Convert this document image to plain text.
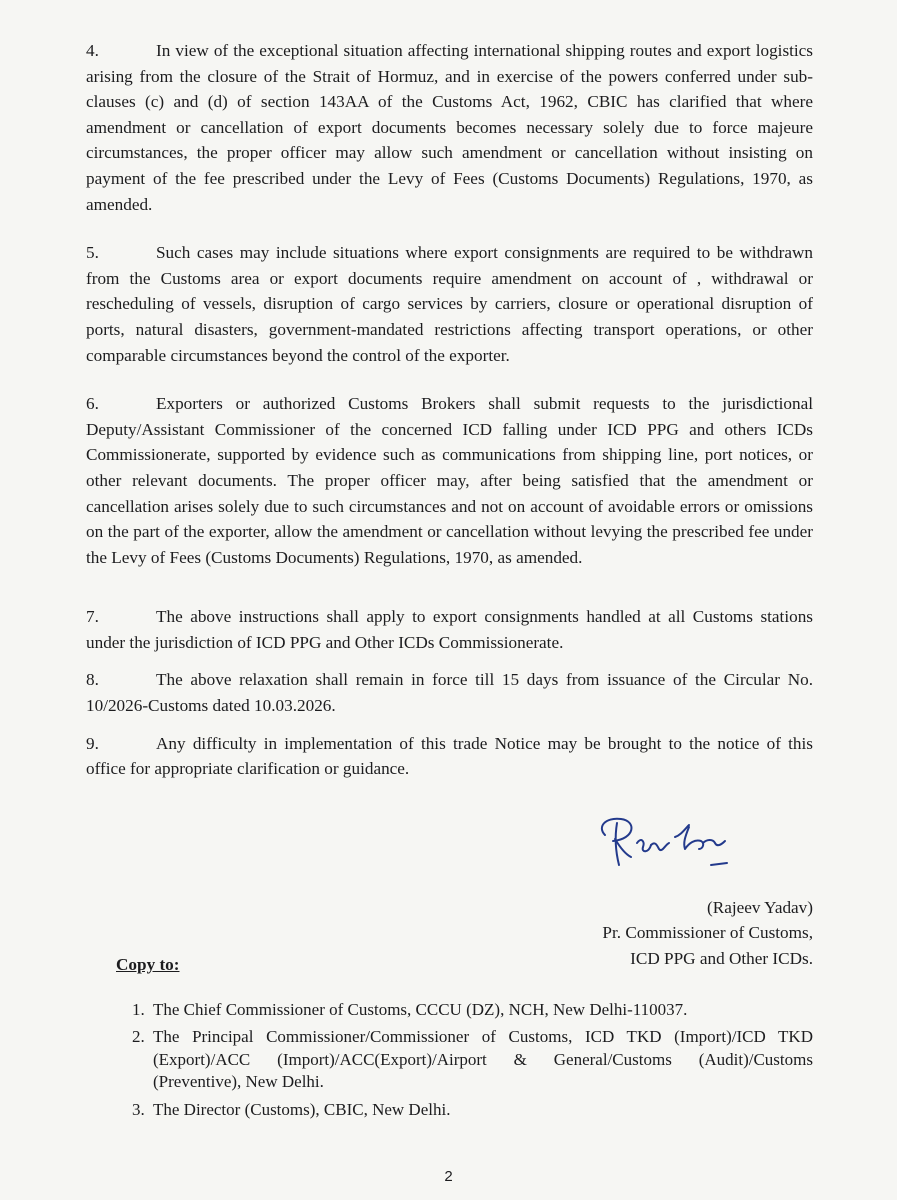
4.	In view of the exceptional situation affecting international shipping routes and export logistics arising from the closure of the Strait of Hormuz, and in exercise of the powers conferred under sub-clauses (c) and (d) of section 143AA of the Customs Act, 1962, CBIC has clarified that where amendment or cancellation of export documents becomes necessary solely due to force majeure circumstances, the proper officer may allow such amendment or cancellation without insisting on payment of the fee prescribed under the Levy of Fees (Customs Documents) Regulations, 1970, as amended.

5.	Such cases may include situations where export consignments are required to be withdrawn from the Customs area or export documents require amendment on account of , withdrawal or rescheduling of vessels, disruption of cargo services by carriers, closure or operational disruption of ports, natural disasters, government-mandated restrictions affecting transport operations, or other comparable circumstances beyond the control of the exporter.

6.	Exporters or authorized Customs Brokers shall submit requests to the jurisdictional Deputy/Assistant Commissioner of the concerned ICD falling under ICD PPG and others ICDs Commissionerate, supported by evidence such as communications from shipping line, port notices, or other relevant documents. The proper officer may, after being satisfied that the amendment or cancellation arises solely due to such circumstances and not on account of avoidable errors or omissions on the part of the exporter, allow the amendment or cancellation without levying the prescribed fee under the Levy of Fees (Customs Documents) Regulations, 1970, as amended.

7.	The above instructions shall apply to export consignments handled at all Customs stations under the jurisdiction of ICD PPG and Other ICDs Commissionerate.

8.	The above relaxation shall remain in force till 15 days from issuance of the Circular No. 10/2026-Customs dated 10.03.2026.

9.	Any difficulty in implementation of this trade Notice may be brought to the notice of this office for appropriate clarification or guidance.

(Rajeev Yadav)
Pr. Commissioner of Customs,
ICD PPG and Other ICDs.
Copy to:
1. The Chief Commissioner of Customs, CCCU (DZ), NCH, New Delhi-110037.
2. The Principal Commissioner/Commissioner of Customs, ICD TKD (Import)/ICD TKD (Export)/ACC (Import)/ACC(Export)/Airport & General/Customs (Audit)/Customs (Preventive), New Delhi.
3. The Director (Customs), CBIC, New Delhi.
2
